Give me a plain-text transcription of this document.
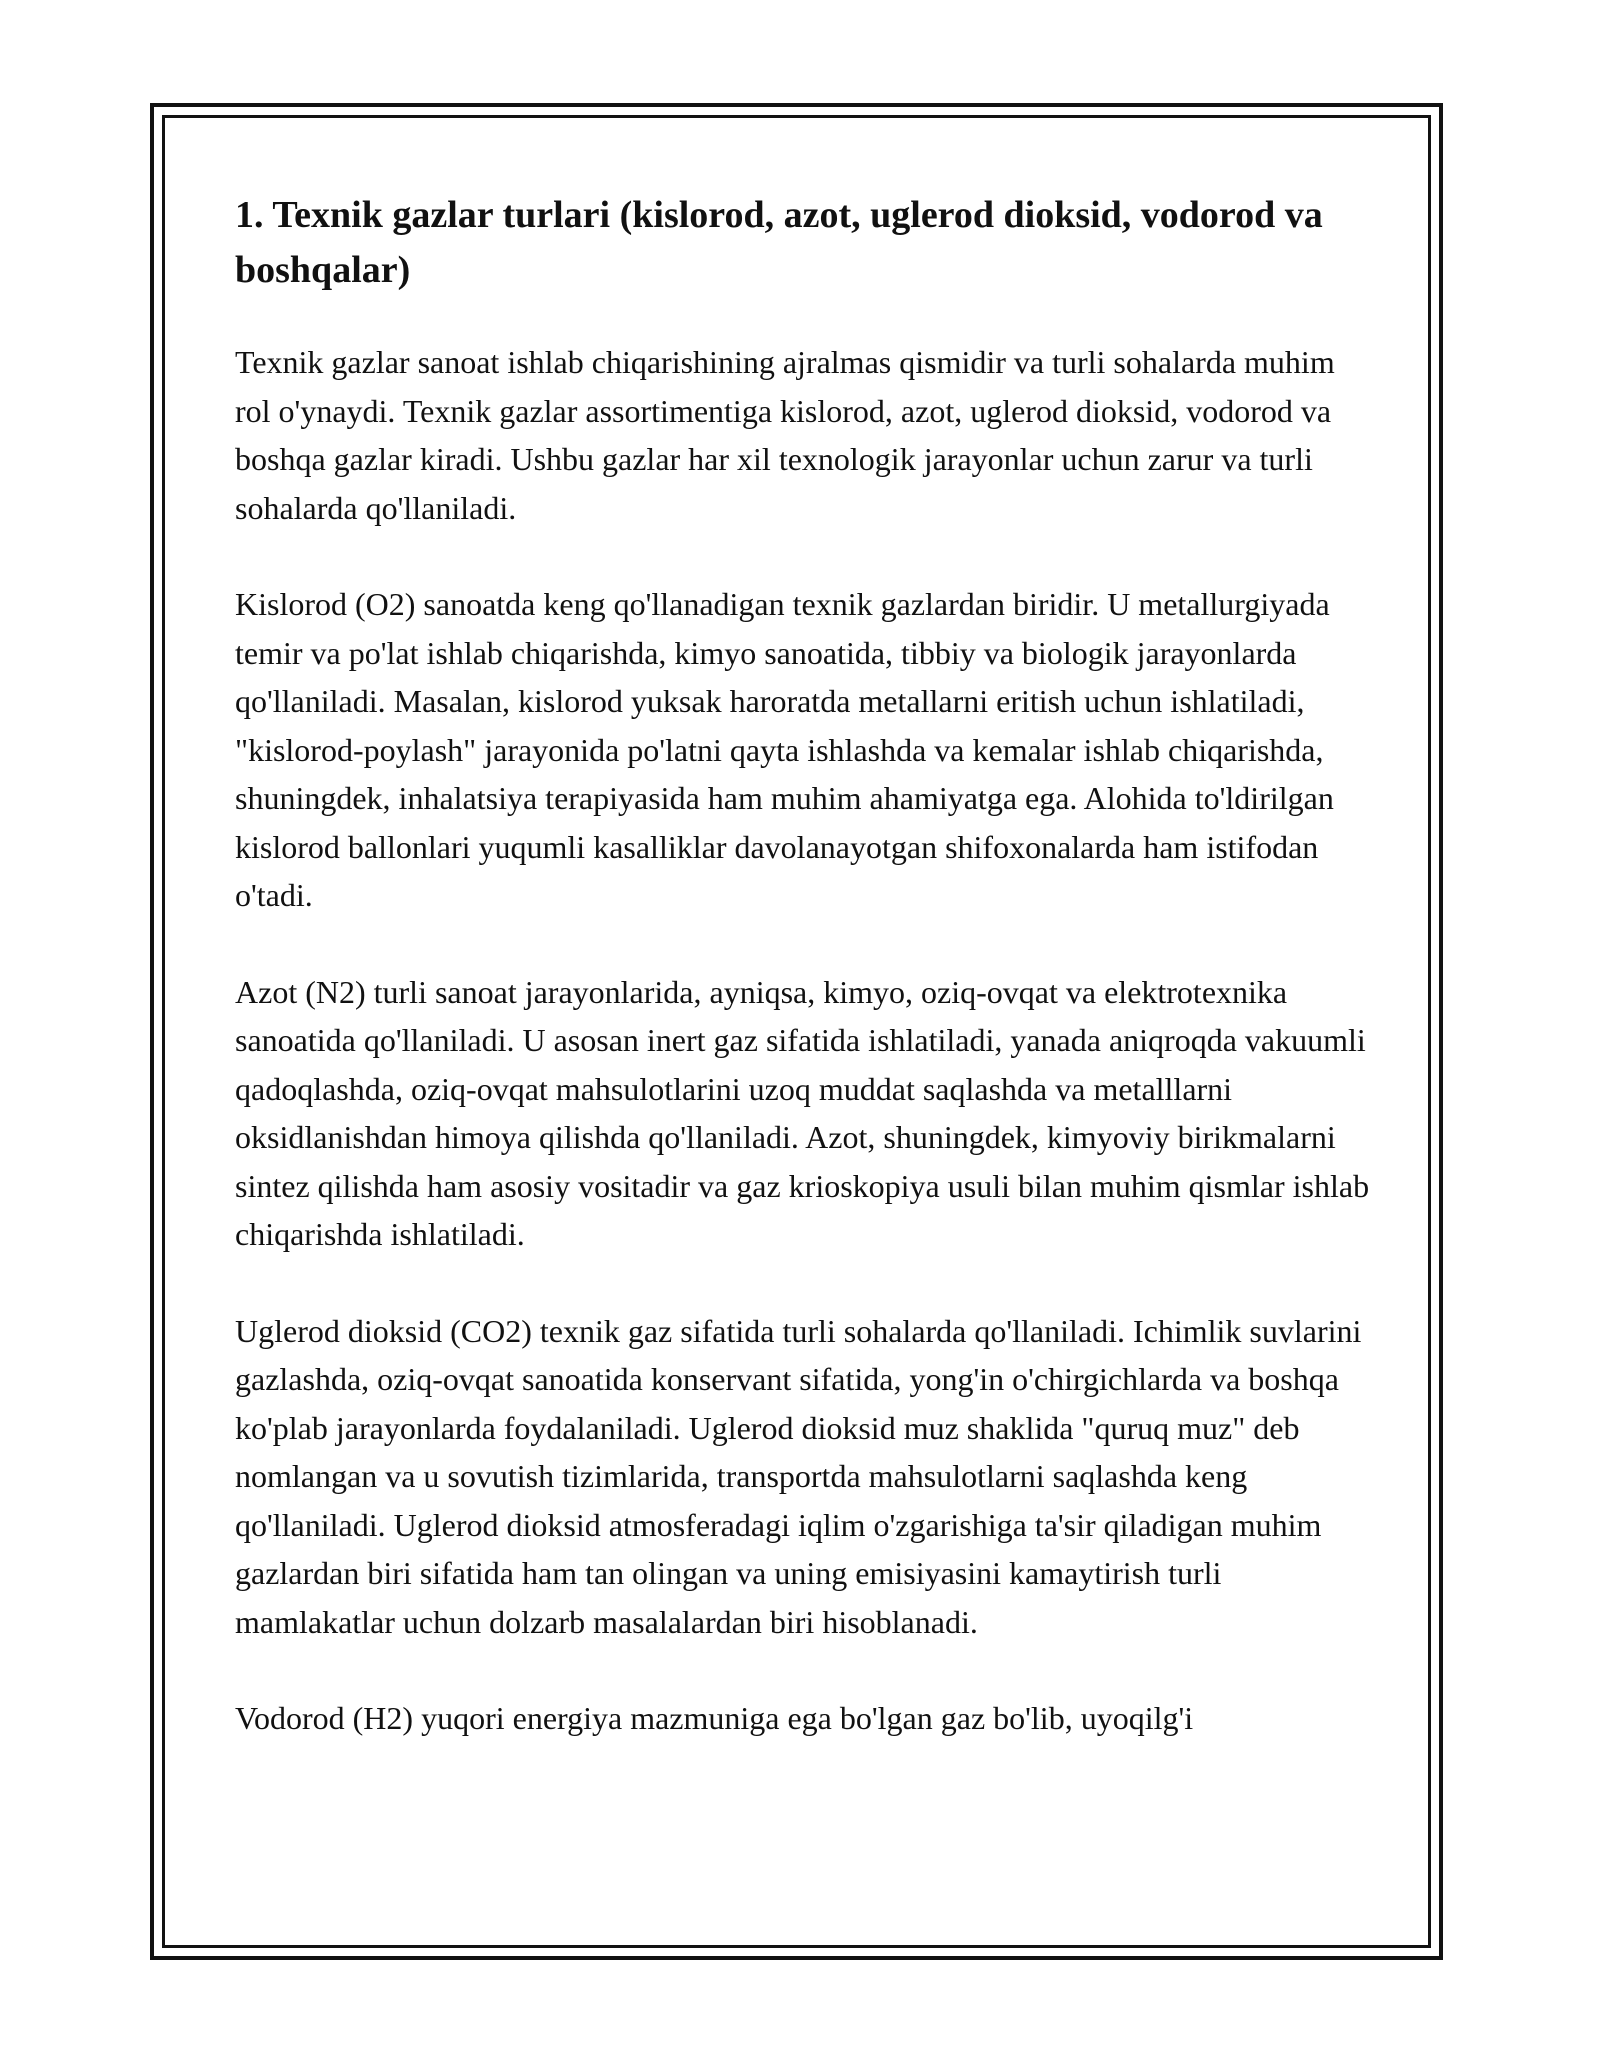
1. Texnik gazlar turlari (kislorod, azot, uglerod dioksid, vodorod va boshqalar)

Texnik gazlar sanoat ishlab chiqarishining ajralmas qismidir va turli sohalarda muhim rol o'ynaydi. Texnik gazlar assortimentiga kislorod, azot, uglerod dioksid, vodorod va boshqa gazlar kiradi. Ushbu gazlar har xil texnologik jarayonlar uchun zarur va turli sohalarda qo'llaniladi.

Kislorod (O2) sanoatda keng qo'llanadigan texnik gazlardan biridir. U metallurgiyada temir va po'lat ishlab chiqarishda, kimyo sanoatida, tibbiy va biologik jarayonlarda qo'llaniladi. Masalan, kislorod yuksak haroratda metallarni eritish uchun ishlatiladi, "kislorod-poylash" jarayonida po'latni qayta ishlashda va kemalar ishlab chiqarishda, shuningdek, inhalatsiya terapiyasida ham muhim ahamiyatga ega. Alohida to'ldirilgan kislorod ballonlari yuqumli kasalliklar davolanayotgan shifoxonalarda ham istifodan o'tadi.

Azot (N2) turli sanoat jarayonlarida, ayniqsa, kimyo, oziq-ovqat va elektrotexnika sanoatida qo'llaniladi. U asosan inert gaz sifatida ishlatiladi, yanada aniqroqda vakuumli qadoqlashda, oziq-ovqat mahsulotlarini uzoq muddat saqlashda va metalllarni oksidlanishdan himoya qilishda qo'llaniladi. Azot, shuningdek, kimyoviy birikmalarni sintez qilishda ham asosiy vositadir va gaz krioskopiya usuli bilan muhim qismlar ishlab chiqarishda ishlatiladi.

Uglerod dioksid (CO2) texnik gaz sifatida turli sohalarda qo'llaniladi. Ichimlik suvlarini gazlashda, oziq-ovqat sanoatida konservant sifatida, yong'in o'chirgichlarda va boshqa ko'plab jarayonlarda foydalaniladi. Uglerod dioksid muz shaklida "quruq muz" deb nomlangan va u sovutish tizimlarida, transportda mahsulotlarni saqlashda keng qo'llaniladi. Uglerod dioksid atmosferadagi iqlim o'zgarishiga ta'sir qiladigan muhim gazlardan biri sifatida ham tan olingan va uning emisiyasini kamaytirish turli mamlakatlar uchun dolzarb masalalardan biri hisoblanadi.

Vodorod (H2) yuqori energiya mazmuniga ega bo'lgan gaz bo'lib, uyoqilg'i
